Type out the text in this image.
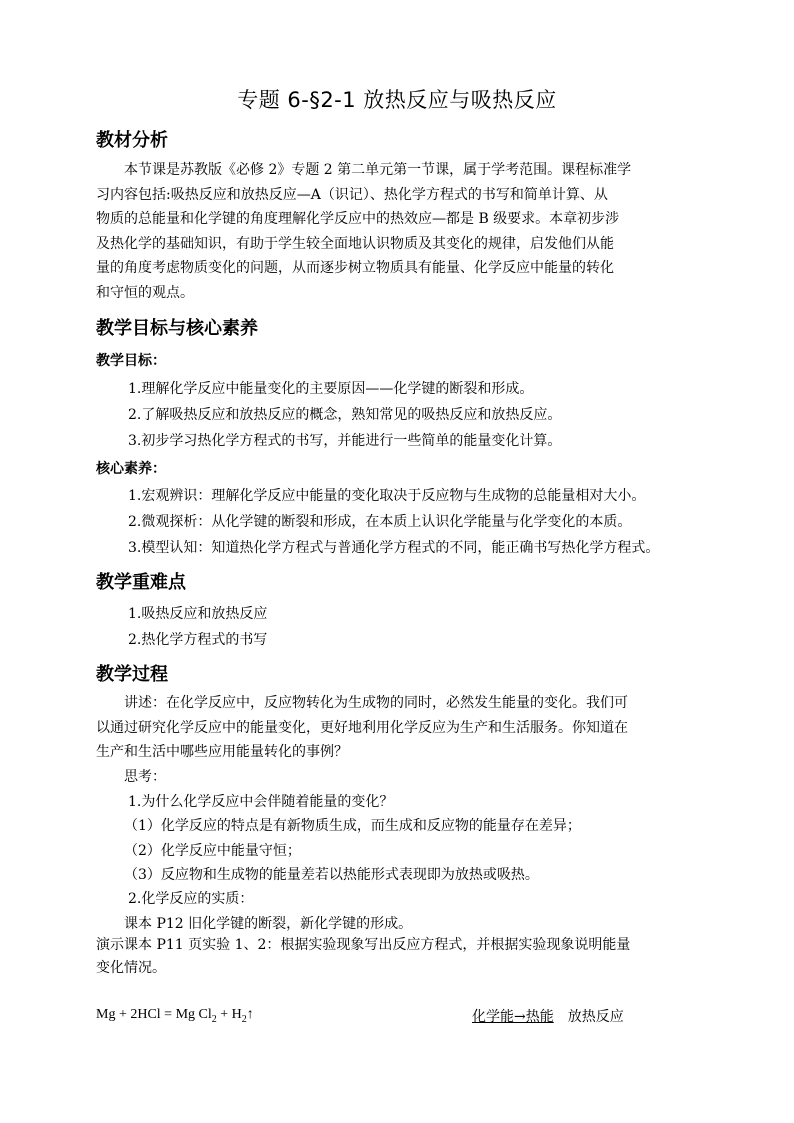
专题 6-§2-1 放热反应与吸热反应
教材分析
本节课是苏教版《必修 2》专题 2 第二单元第一节课，属于学考范围。课程标准学
习内容包括:吸热反应和放热反应—A（识记）、热化学方程式的书写和简单计算、从
物质的总能量和化学键的角度理解化学反应中的热效应—都是 B 级要求。本章初步涉
及热化学的基础知识，有助于学生较全面地认识物质及其变化的规律，启发他们从能
量的角度考虑物质变化的问题，从而逐步树立物质具有能量、化学反应中能量的转化
和守恒的观点。
教学目标与核心素养
教学目标：
1.理解化学反应中能量变化的主要原因——化学键的断裂和形成。
2.了解吸热反应和放热反应的概念，熟知常见的吸热反应和放热反应。
3.初步学习热化学方程式的书写，并能进行一些简单的能量变化计算。
核心素养：
1.宏观辨识：理解化学反应中能量的变化取决于反应物与生成物的总能量相对大小。
2.微观探析：从化学键的断裂和形成，在本质上认识化学能量与化学变化的本质。
3.模型认知：知道热化学方程式与普通化学方程式的不同，能正确书写热化学方程式。
教学重难点
1.吸热反应和放热反应
2.热化学方程式的书写
教学过程
讲述：在化学反应中，反应物转化为生成物的同时，必然发生能量的变化。我们可
以通过研究化学反应中的能量变化，更好地利用化学反应为生产和生活服务。你知道在
生产和生活中哪些应用能量转化的事例？
思考：
1.为什么化学反应中会伴随着能量的变化？
（1）化学反应的特点是有新物质生成，而生成和反应物的能量存在差异；
（2）化学反应中能量守恒；
（3）反应物和生成物的能量差若以热能形式表现即为放热或吸热。
2.化学反应的实质：
课本 P12 旧化学键的断裂，新化学键的形成。
演示课本 P11 页实验 1、2：根据实验现象写出反应方程式，并根据实验现象说明能量
变化情况。
Mg + 2HCl = Mg $Cl_2$ + $H_2↑$	化学能→热能 放热反应
